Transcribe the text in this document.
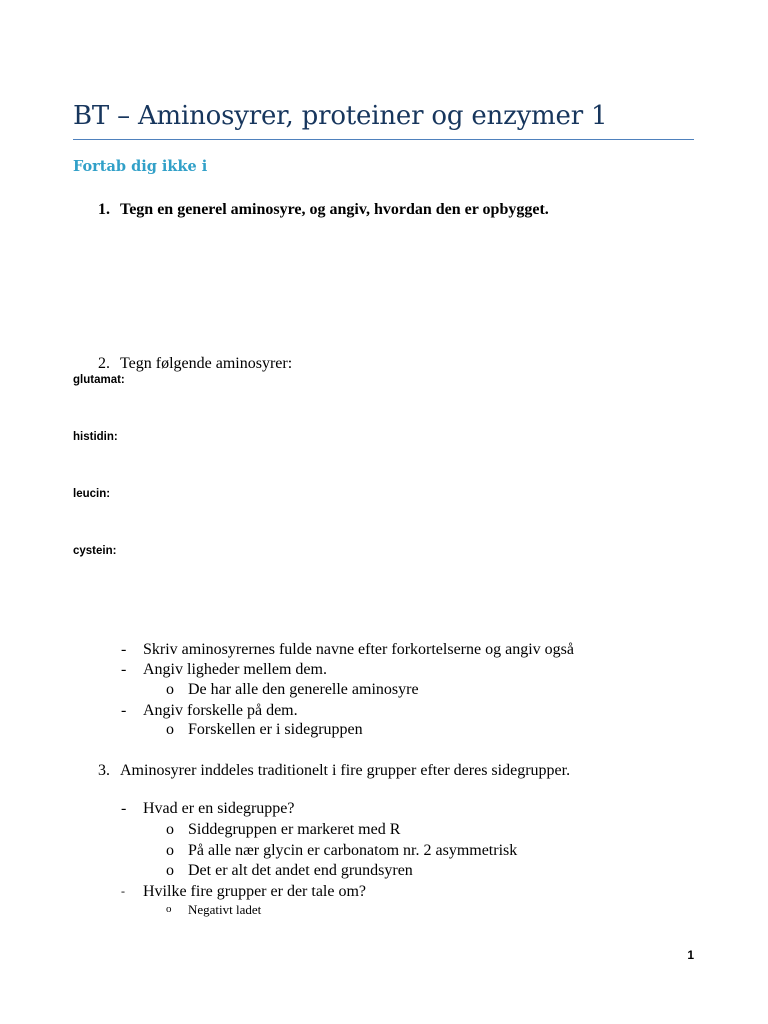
BT – Aminosyrer, proteiner og enzymer 1
Fortab dig ikke i
1. Tegn en generel aminosyre, og angiv, hvordan den er opbygget.
2. Tegn følgende aminosyrer:
glutamat:
histidin:
leucin:
cystein:
- Skriv aminosyrernes fulde navne efter forkortelserne og angiv også
- Angiv ligheder mellem dem.
o De har alle den generelle aminosyre
- Angiv forskelle på dem.
o Forskellen er i sidegruppen
3. Aminosyrer inddeles traditionelt i fire grupper efter deres sidegrupper.
- Hvad er en sidegruppe?
o Siddegruppen er markeret med R
o På alle nær glycin er carbonatom nr. 2 asymmetrisk
o Det er alt det andet end grundsyren
- Hvilke fire grupper er der tale om?
o Negativt ladet
1
